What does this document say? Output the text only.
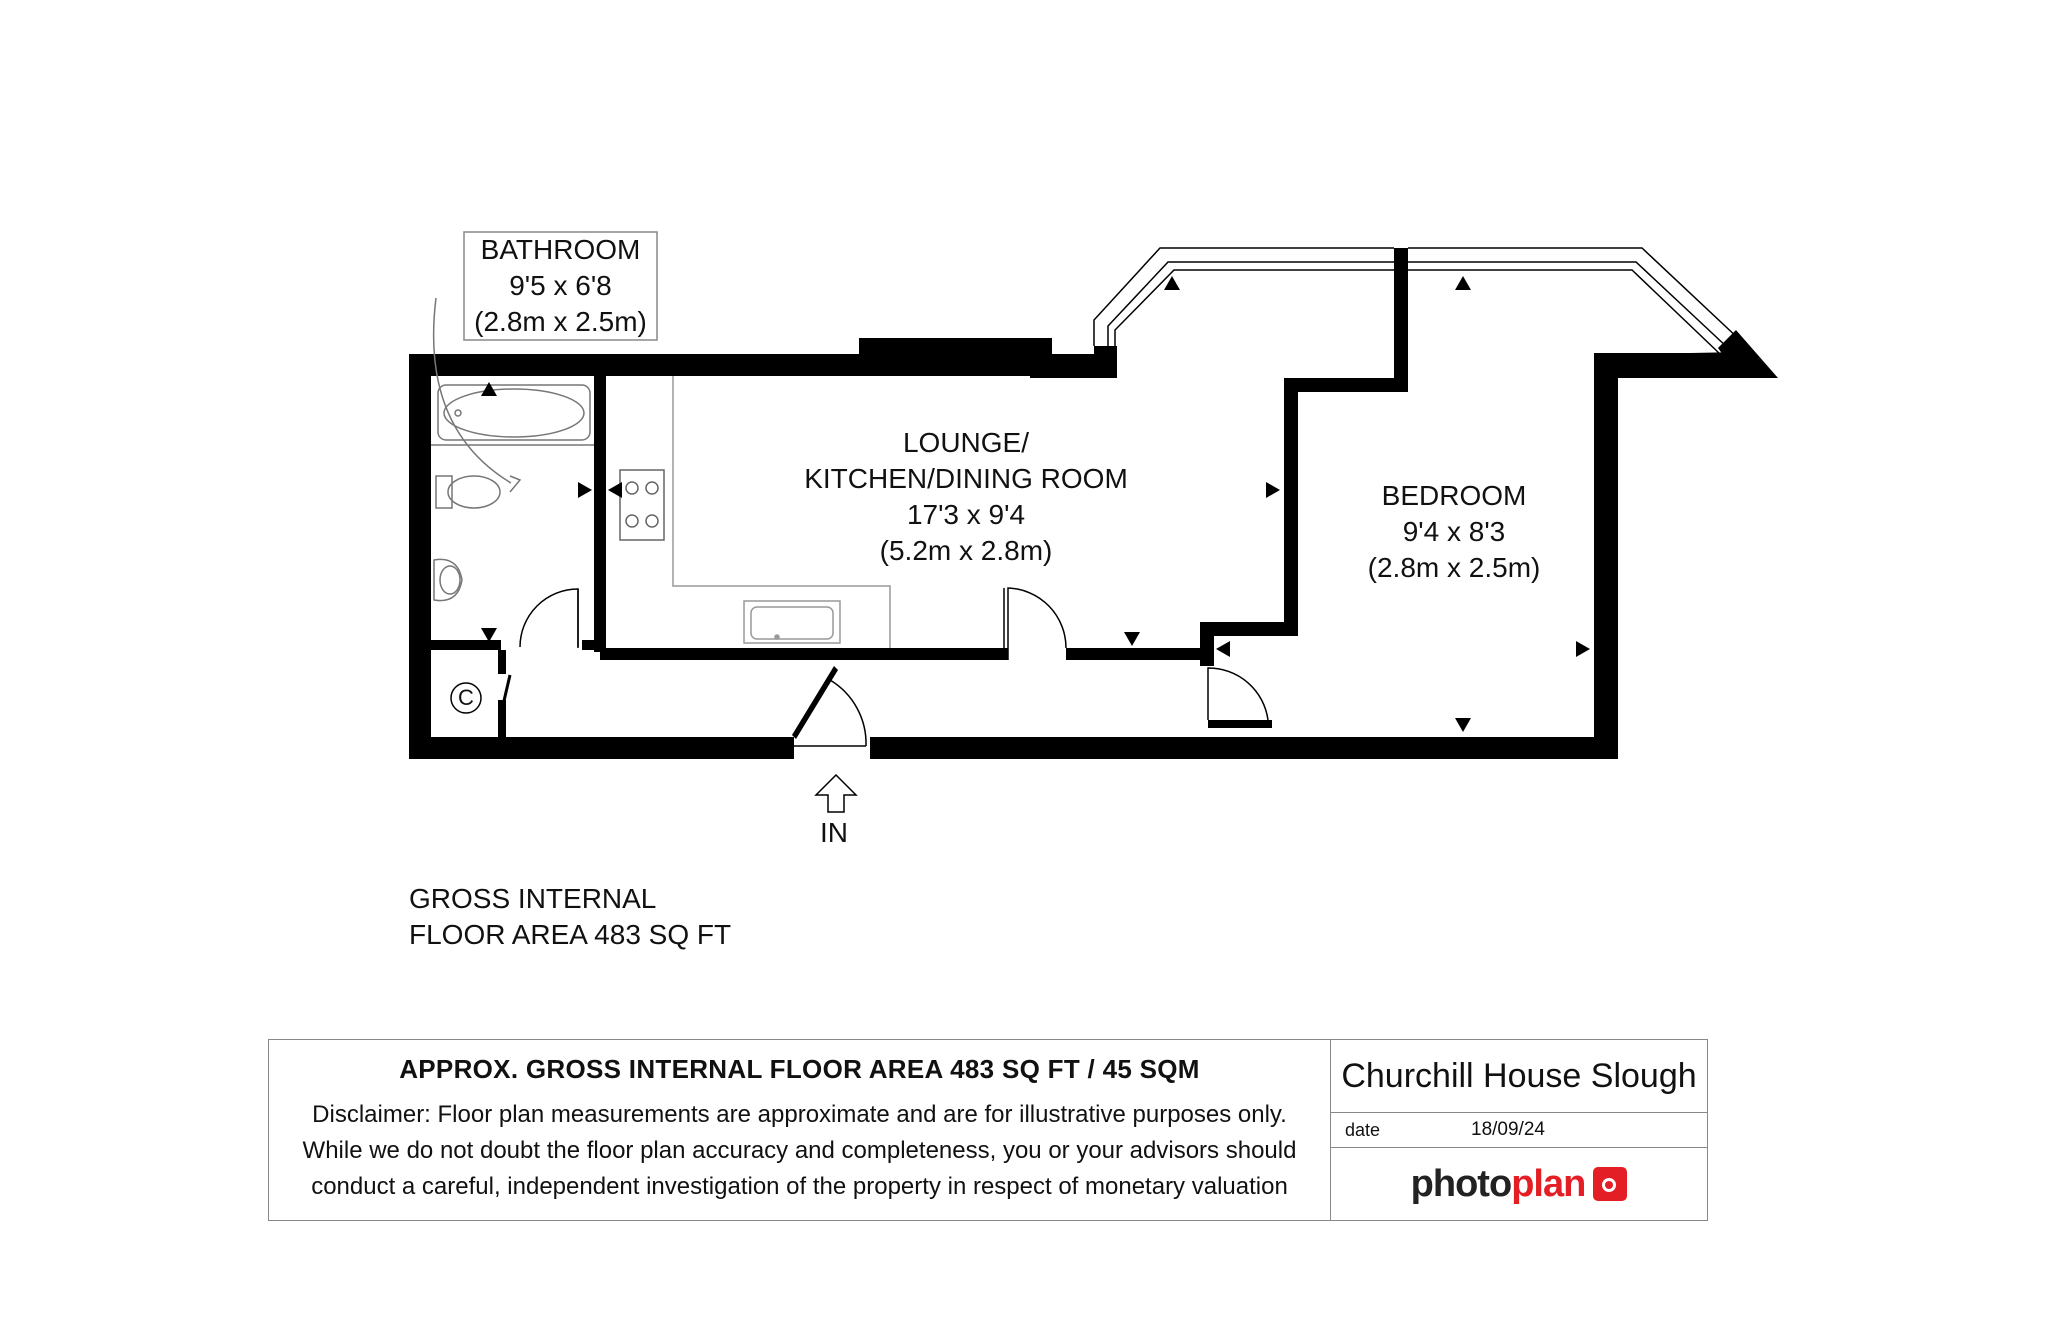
BATHROOM
9'5 x 6'8
(2.8m x 2.5m)
LOUNGE/
KITCHEN/DINING ROOM
17'3 x 9'4
(5.2m x 2.8m)
BEDROOM
9'4 x 8'3
(2.8m x 2.5m)
C
IN
GROSS INTERNAL
FLOOR AREA 483 SQ FT
APPROX. GROSS INTERNAL FLOOR AREA 483 SQ FT / 45 SQM
Disclaimer: Floor plan measurements are approximate and are for illustrative purposes only.
While we do not doubt the floor plan accuracy and completeness, you or your advisors should
conduct a careful, independent investigation of the property in respect of monetary valuation
Churchill House Slough
date	18/09/24
photoplan
